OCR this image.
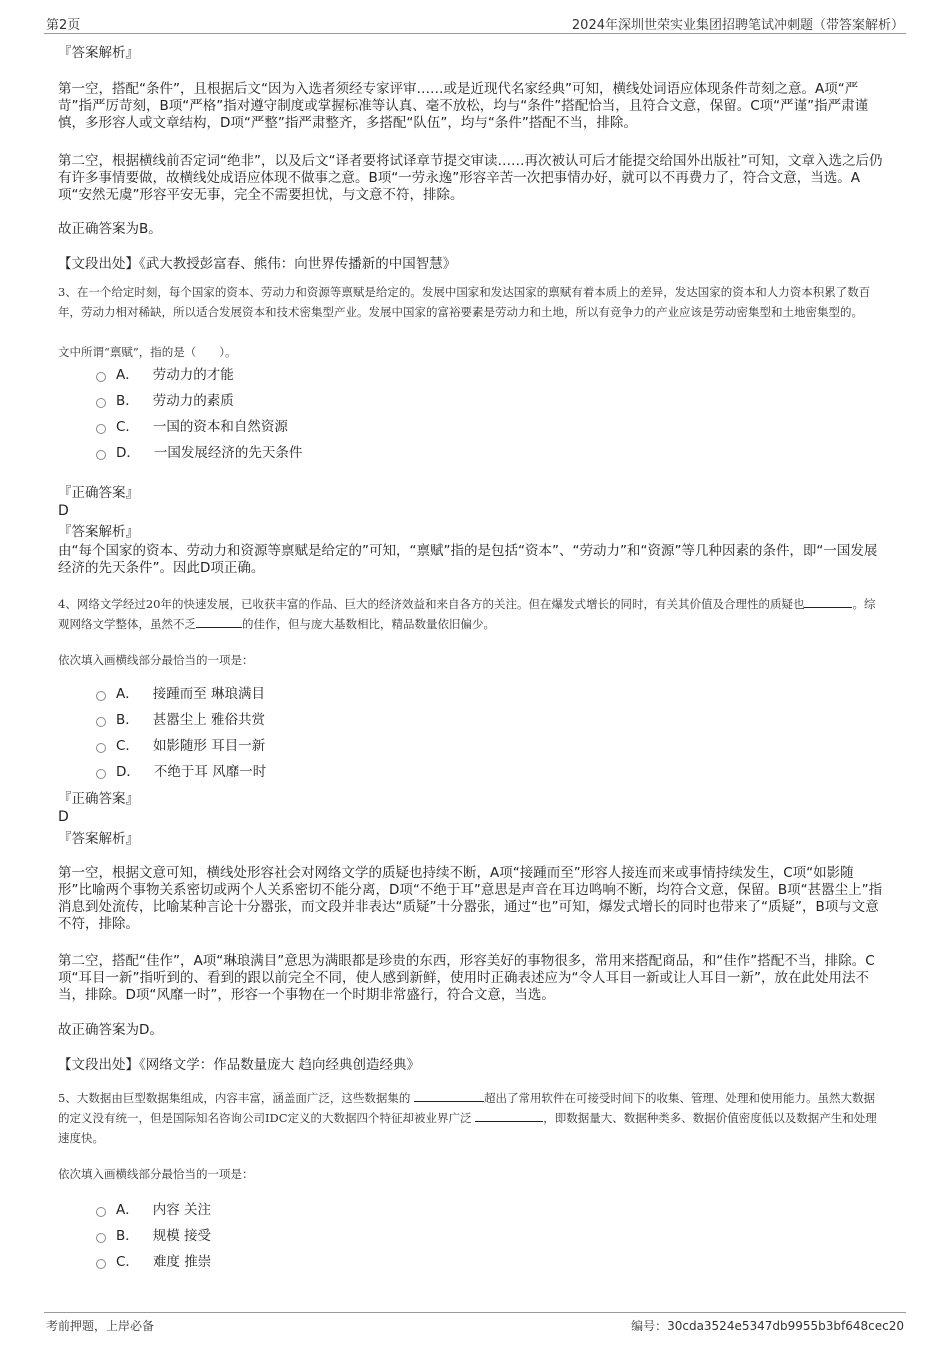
第2页	2024年深圳世荣实业集团招聘笔试冲刺题（带答案解析）
『答案解析』
第一空，搭配“条件”，且根据后文“因为入选者须经专家评审……或是近现代名家经典”可知，横线处词语应体现条件苛刻之意。A项“严苛”指严厉苛刻，B项“严格”指对遵守制度或掌握标准等认真、毫不放松，均与“条件”搭配恰当，且符合文意，保留。C项“严谨”指严肃谨慎，多形容人或文章结构，D项“严整”指严肃整齐，多搭配“队伍”，均与“条件”搭配不当，排除。
第二空，根据横线前否定词“绝非”，以及后文“译者要将试译章节提交审读……再次被认可后才能提交给国外出版社”可知，文章入选之后仍有许多事情要做，故横线处成语应体现不做事之意。B项“一劳永逸”形容辛苦一次把事情办好，就可以不再费力了，符合文意，当选。A项“安然无虞”形容平安无事，完全不需要担忧，与文意不符，排除。
故正确答案为B。
【文段出处】《武大教授彭富春、熊伟：向世界传播新的中国智慧》
3、在一个给定时刻，每个国家的资本、劳动力和资源等禀赋是给定的。发展中国家和发达国家的禀赋有着本质上的差异，发达国家的资本和人力资本积累了数百年，劳动力相对稀缺，所以适合发展资本和技术密集型产业。发展中国家的富裕要素是劳动力和土地，所以有竞争力的产业应该是劳动密集型和土地密集型的。
文中所谓“禀赋”，指的是（　　）。
A． 劳动力的才能
B． 劳动力的素质
C． 一国的资本和自然资源
D． 一国发展经济的先天条件
『正确答案』
D
『答案解析』
由“每个国家的资本、劳动力和资源等禀赋是给定的”可知，“禀赋”指的是包括“资本”、“劳动力”和“资源”等几种因素的条件，即“一国发展经济的先天条件”。因此D项正确。
4、网络文学经过20年的快速发展，已收获丰富的作品、巨大的经济效益和来自各方的关注。但在爆发式增长的同时，有关其价值及合理性的质疑也	。综观网络文学整体，虽然不乏	的佳作，但与庞大基数相比，精品数量依旧偏少。
依次填入画横线部分最恰当的一项是：
A． 接踵而至 琳琅满目
B． 甚嚣尘上 雅俗共赏
C． 如影随形 耳目一新
D． 不绝于耳 风靡一时
『正确答案』
D
『答案解析』
第一空，根据文意可知，横线处形容社会对网络文学的质疑也持续不断，A项“接踵而至”形容人接连而来或事情持续发生，C项“如影随形”比喻两个事物关系密切或两个人关系密切不能分离，D项“不绝于耳”意思是声音在耳边鸣响不断，均符合文意，保留。B项“甚嚣尘上”指消息到处流传，比喻某种言论十分嚣张，而文段并非表达“质疑”十分嚣张，通过“也”可知，爆发式增长的同时也带来了“质疑”，B项与文意不符，排除。
第二空，搭配“佳作”，A项“琳琅满目”意思为满眼都是珍贵的东西，形容美好的事物很多，常用来搭配商品，和“佳作”搭配不当，排除。C项“耳目一新”指听到的、看到的跟以前完全不同，使人感到新鲜，使用时正确表述应为“令人耳目一新或让人耳目一新”，放在此处用法不当，排除。D项“风靡一时”，形容一个事物在一个时期非常盛行，符合文意，当选。
故正确答案为D。
【文段出处】《网络文学：作品数量庞大 趋向经典创造经典》
5、大数据由巨型数据集组成，内容丰富，涵盖面广泛，这些数据集的	超出了常用软件在可接受时间下的收集、管理、处理和使用能力。虽然大数据的定义没有统一，但是国际知名咨询公司IDC定义的大数据四个特征却被业界广泛	，即数据量大、数据种类多、数据价值密度低以及数据产生和处理速度快。
依次填入画横线部分最恰当的一项是：
A． 内容 关注
B． 规模 接受
C． 难度 推崇
考前押题，上岸必备	编号：30cda3524e5347db9955b3bf648cec20
